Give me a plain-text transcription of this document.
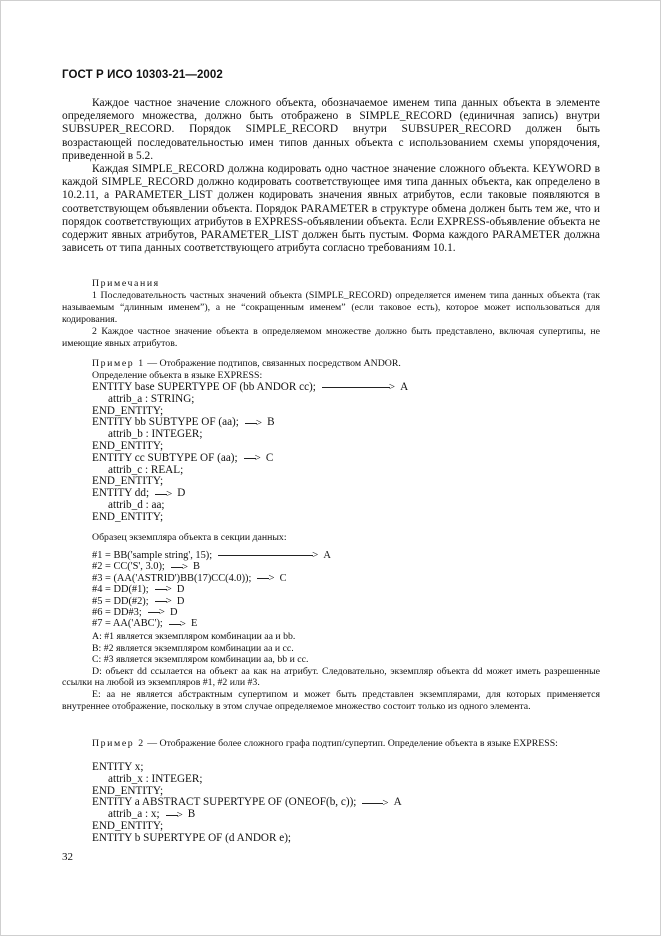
ГОСТ Р ИСО 10303-21—2002

Каждое частное значение сложного объекта, обозначаемое именем типа данных объекта в элементе определяемого множества, должно быть отображено в SIMPLE_RECORD (единичная запись) внутри SUBSUPER_RECORD. Порядок SIMPLE_RECORD внутри SUBSUPER_RECORD должен быть возрастающей последовательностью имен типов данных объекта с использованием схемы упорядочения, приведенной в 5.2.

Каждая SIMPLE_RECORD должна кодировать одно частное значение сложного объекта. KEYWORD в каждой SIMPLE_RECORD должно кодировать соответствующее имя типа данных объекта, как определено в 10.2.11, а PARAMETER_LIST должен кодировать значения явных атрибутов, если таковые появляются в соответствующем объявлении объекта. Порядок PARAMETER в структуре обмена должен быть тем же, что и порядок соответствующих атрибутов в EXPRESS-объявлении объекта. Если EXPRESS-объявление объекта не содержит явных атрибутов, PARAMETER_LIST должен быть пустым. Форма каждого PARAMETER должна зависеть от типа данных соответствующего атрибута согласно требованиям 10.1.

Примечания

1 Последовательность частных значений объекта (SIMPLE_RECORD) определяется именем типа данных объекта (так называемым “длинным именем”), а не “сокращенным именем” (если таковое есть), которое может использоваться для кодирования.

2 Каждое частное значение объекта в определяемом множестве должно быть представлено, включая супертипы, не имеющие явных атрибутов.

Пример 1 — Отображение подтипов, связанных посредством ANDOR.
Определение объекта в языке EXPRESS:
ENTITY base SUPERTYPE OF (bb ANDOR cc);	> A
attrib_a : STRING;
END_ENTITY;
ENTITY bb SUBTYPE OF (aa); > B
attrib_b : INTEGER;
END_ENTITY;
ENTITY cc SUBTYPE OF (aa); > C
attrib_c : REAL;
END_ENTITY;
ENTITY dd; > D
attrib_d : aa;
END_ENTITY;
Образец экземпляра объекта в секции данных:
#1 = BB('sample string', 15);	> A
#2 = CC('S', 3.0); > B
#3 = (AA('ASTRID')BB(17)CC(4.0)); > C
#4 = DD(#1); > D
#5 = DD(#2); > D
#6 = DD#3; > D
#7 = AA('ABC'); > E

A: #1 является экземпляром комбинации aa и bb.

B: #2 является экземпляром комбинации aa и cc.

C: #3 является экземпляром комбинации aa, bb и cc.

D: объект dd ссылается на объект aa как на атрибут. Следовательно, экземпляр объекта dd может иметь разрешенные ссылки на любой из экземпляров #1, #2 или #3.

E: aa не является абстрактным супертипом и может быть представлен экземплярами, для которых применяется внутреннее отображение, поскольку в этом случае определяемое множество состоит только из одного элемента.

Пример 2 — Отображение более сложного графа подтип/супертип. Определение объекта в языке EXPRESS:
ENTITY x;
attrib_x : INTEGER;
END_ENTITY;
ENTITY a ABSTRACT SUPERTYPE OF (ONEOF(b, c)); > A
attrib_a : x; > B
END_ENTITY;
ENTITY b SUPERTYPE OF (d ANDOR e);
32
